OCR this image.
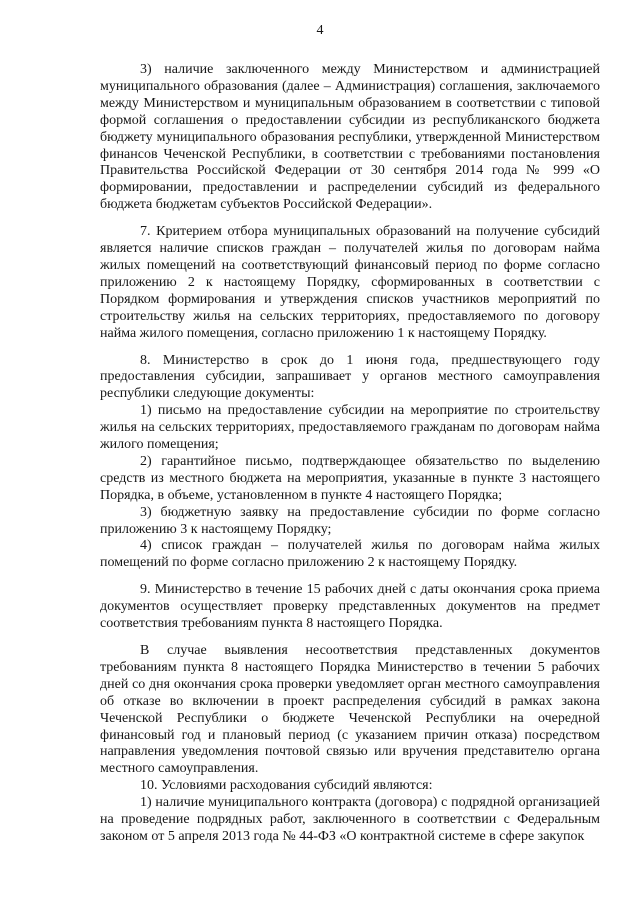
4

3) наличие заключенного между Министерством и администрацией муниципального образования (далее – Администрация) соглашения, заключаемого между Министерством и муниципальным образованием в соответствии с типовой формой соглашения о предоставлении субсидии из республиканского бюджета бюджету муниципального образования республики, утвержденной Министерством финансов Чеченской Республики, в соответствии с требованиями постановления Правительства Российской Федерации от 30 сентября 2014 года № 999 «О формировании, предоставлении и распределении субсидий из федерального бюджета бюджетам субъектов Российской Федерации».

7. Критерием отбора муниципальных образований на получение субсидий является наличие списков граждан – получателей жилья по договорам найма жилых помещений на соответствующий финансовый период по форме согласно приложению 2 к настоящему Порядку, сформированных в соответствии с Порядком формирования и утверждения списков участников мероприятий по строительству жилья на сельских территориях, предоставляемого по договору найма жилого помещения, согласно приложению 1 к настоящему Порядку.

8. Министерство в срок до 1 июня года, предшествующего году предоставления субсидии, запрашивает у органов местного самоуправления республики следующие документы:

1) письмо на предоставление субсидии на мероприятие по строительству жилья на сельских территориях, предоставляемого гражданам по договорам найма жилого помещения;

2) гарантийное письмо, подтверждающее обязательство по выделению средств из местного бюджета на мероприятия, указанные в пункте 3 настоящего Порядка, в объеме, установленном в пункте 4 настоящего Порядка;

3) бюджетную заявку на предоставление субсидии по форме согласно приложению 3 к настоящему Порядку;

4) список граждан – получателей жилья по договорам найма жилых помещений по форме согласно приложению 2 к настоящему Порядку.

9. Министерство в течение 15 рабочих дней с даты окончания срока приема документов осуществляет проверку представленных документов на предмет соответствия требованиям пункта 8 настоящего Порядка.

В случае выявления несоответствия представленных документов требованиям пункта 8 настоящего Порядка Министерство в течении 5 рабочих дней со дня окончания срока проверки уведомляет орган местного самоуправления об отказе во включении в проект распределения субсидий в рамках закона Чеченской Республики о бюджете Чеченской Республики на очередной финансовый год и плановый период (с указанием причин отказа) посредством направления уведомления почтовой связью или вручения представителю органа местного самоуправления.

10. Условиями расходования субсидий являются:

1) наличие муниципального контракта (договора) с подрядной организацией на проведение подрядных работ, заключенного в соответствии с Федеральным законом от 5 апреля 2013 года № 44-ФЗ «О контрактной системе в сфере закупок
